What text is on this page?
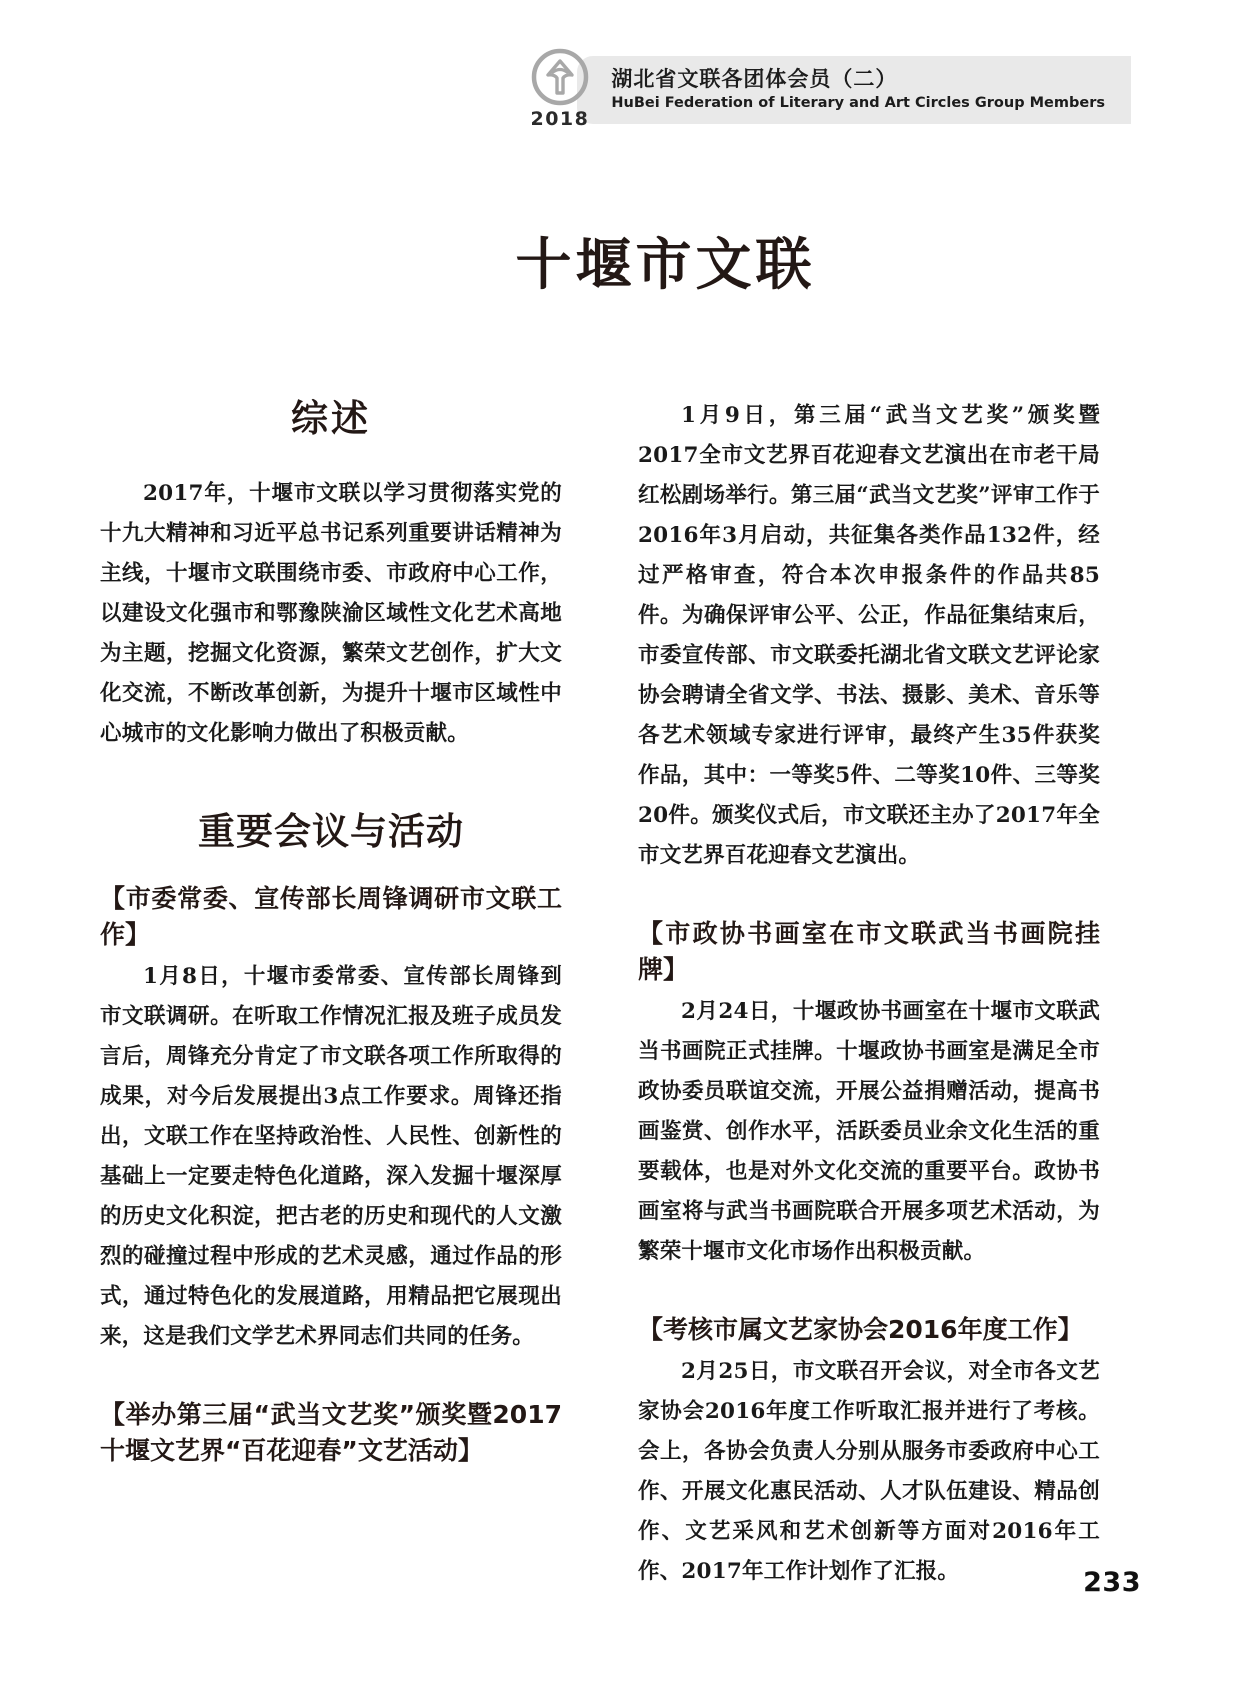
2018
湖北省文联各团体会员（二）
HuBei Federation of Literary and Art Circles Group Members
十堰市文联
综述

2017年，十堰市文联以学习贯彻落实党的十九大精神和习近平总书记系列重要讲话精神为主线，十堰市文联围绕市委、市政府中心工作，以建设文化强市和鄂豫陕渝区域性文化艺术高地为主题，挖掘文化资源，繁荣文艺创作，扩大文化交流，不断改革创新，为提升十堰市区域性中心城市的文化影响力做出了积极贡献。

重要会议与活动
【市委常委、宣传部长周锋调研市文联工作】

1月8日，十堰市委常委、宣传部长周锋到市文联调研。在听取工作情况汇报及班子成员发言后，周锋充分肯定了市文联各项工作所取得的成果，对今后发展提出3点工作要求。周锋还指出，文联工作在坚持政治性、人民性、创新性的基础上一定要走特色化道路，深入发掘十堰深厚的历史文化积淀，把古老的历史和现代的人文激烈的碰撞过程中形成的艺术灵感，通过作品的形式，通过特色化的发展道路，用精品把它展现出来，这是我们文学艺术界同志们共同的任务。

【举办第三届“武当文艺奖”颁奖暨2017十堰文艺界“百花迎春”文艺活动】

1月9日，第三届“武当文艺奖”颁奖暨2017全市文艺界百花迎春文艺演出在市老干局红松剧场举行。第三届“武当文艺奖”评审工作于2016年3月启动，共征集各类作品132件，经过严格审查，符合本次申报条件的作品共85件。为确保评审公平、公正，作品征集结束后，市委宣传部、市文联委托湖北省文联文艺评论家协会聘请全省文学、书法、摄影、美术、音乐等各艺术领域专家进行评审，最终产生35件获奖作品，其中：一等奖5件、二等奖10件、三等奖20件。颁奖仪式后，市文联还主办了2017年全市文艺界百花迎春文艺演出。

【市政协书画室在市文联武当书画院挂牌】

2月24日，十堰政协书画室在十堰市文联武当书画院正式挂牌。十堰政协书画室是满足全市政协委员联谊交流，开展公益捐赠活动，提高书画鉴赏、创作水平，活跃委员业余文化生活的重要载体，也是对外文化交流的重要平台。政协书画室将与武当书画院联合开展多项艺术活动，为繁荣十堰市文化市场作出积极贡献。

【考核市属文艺家协会2016年度工作】

2月25日，市文联召开会议，对全市各文艺家协会2016年度工作听取汇报并进行了考核。会上，各协会负责人分别从服务市委政府中心工作、开展文化惠民活动、人才队伍建设、精品创作、文艺采风和艺术创新等方面对2016年工作、2017年工作计划作了汇报。	233
